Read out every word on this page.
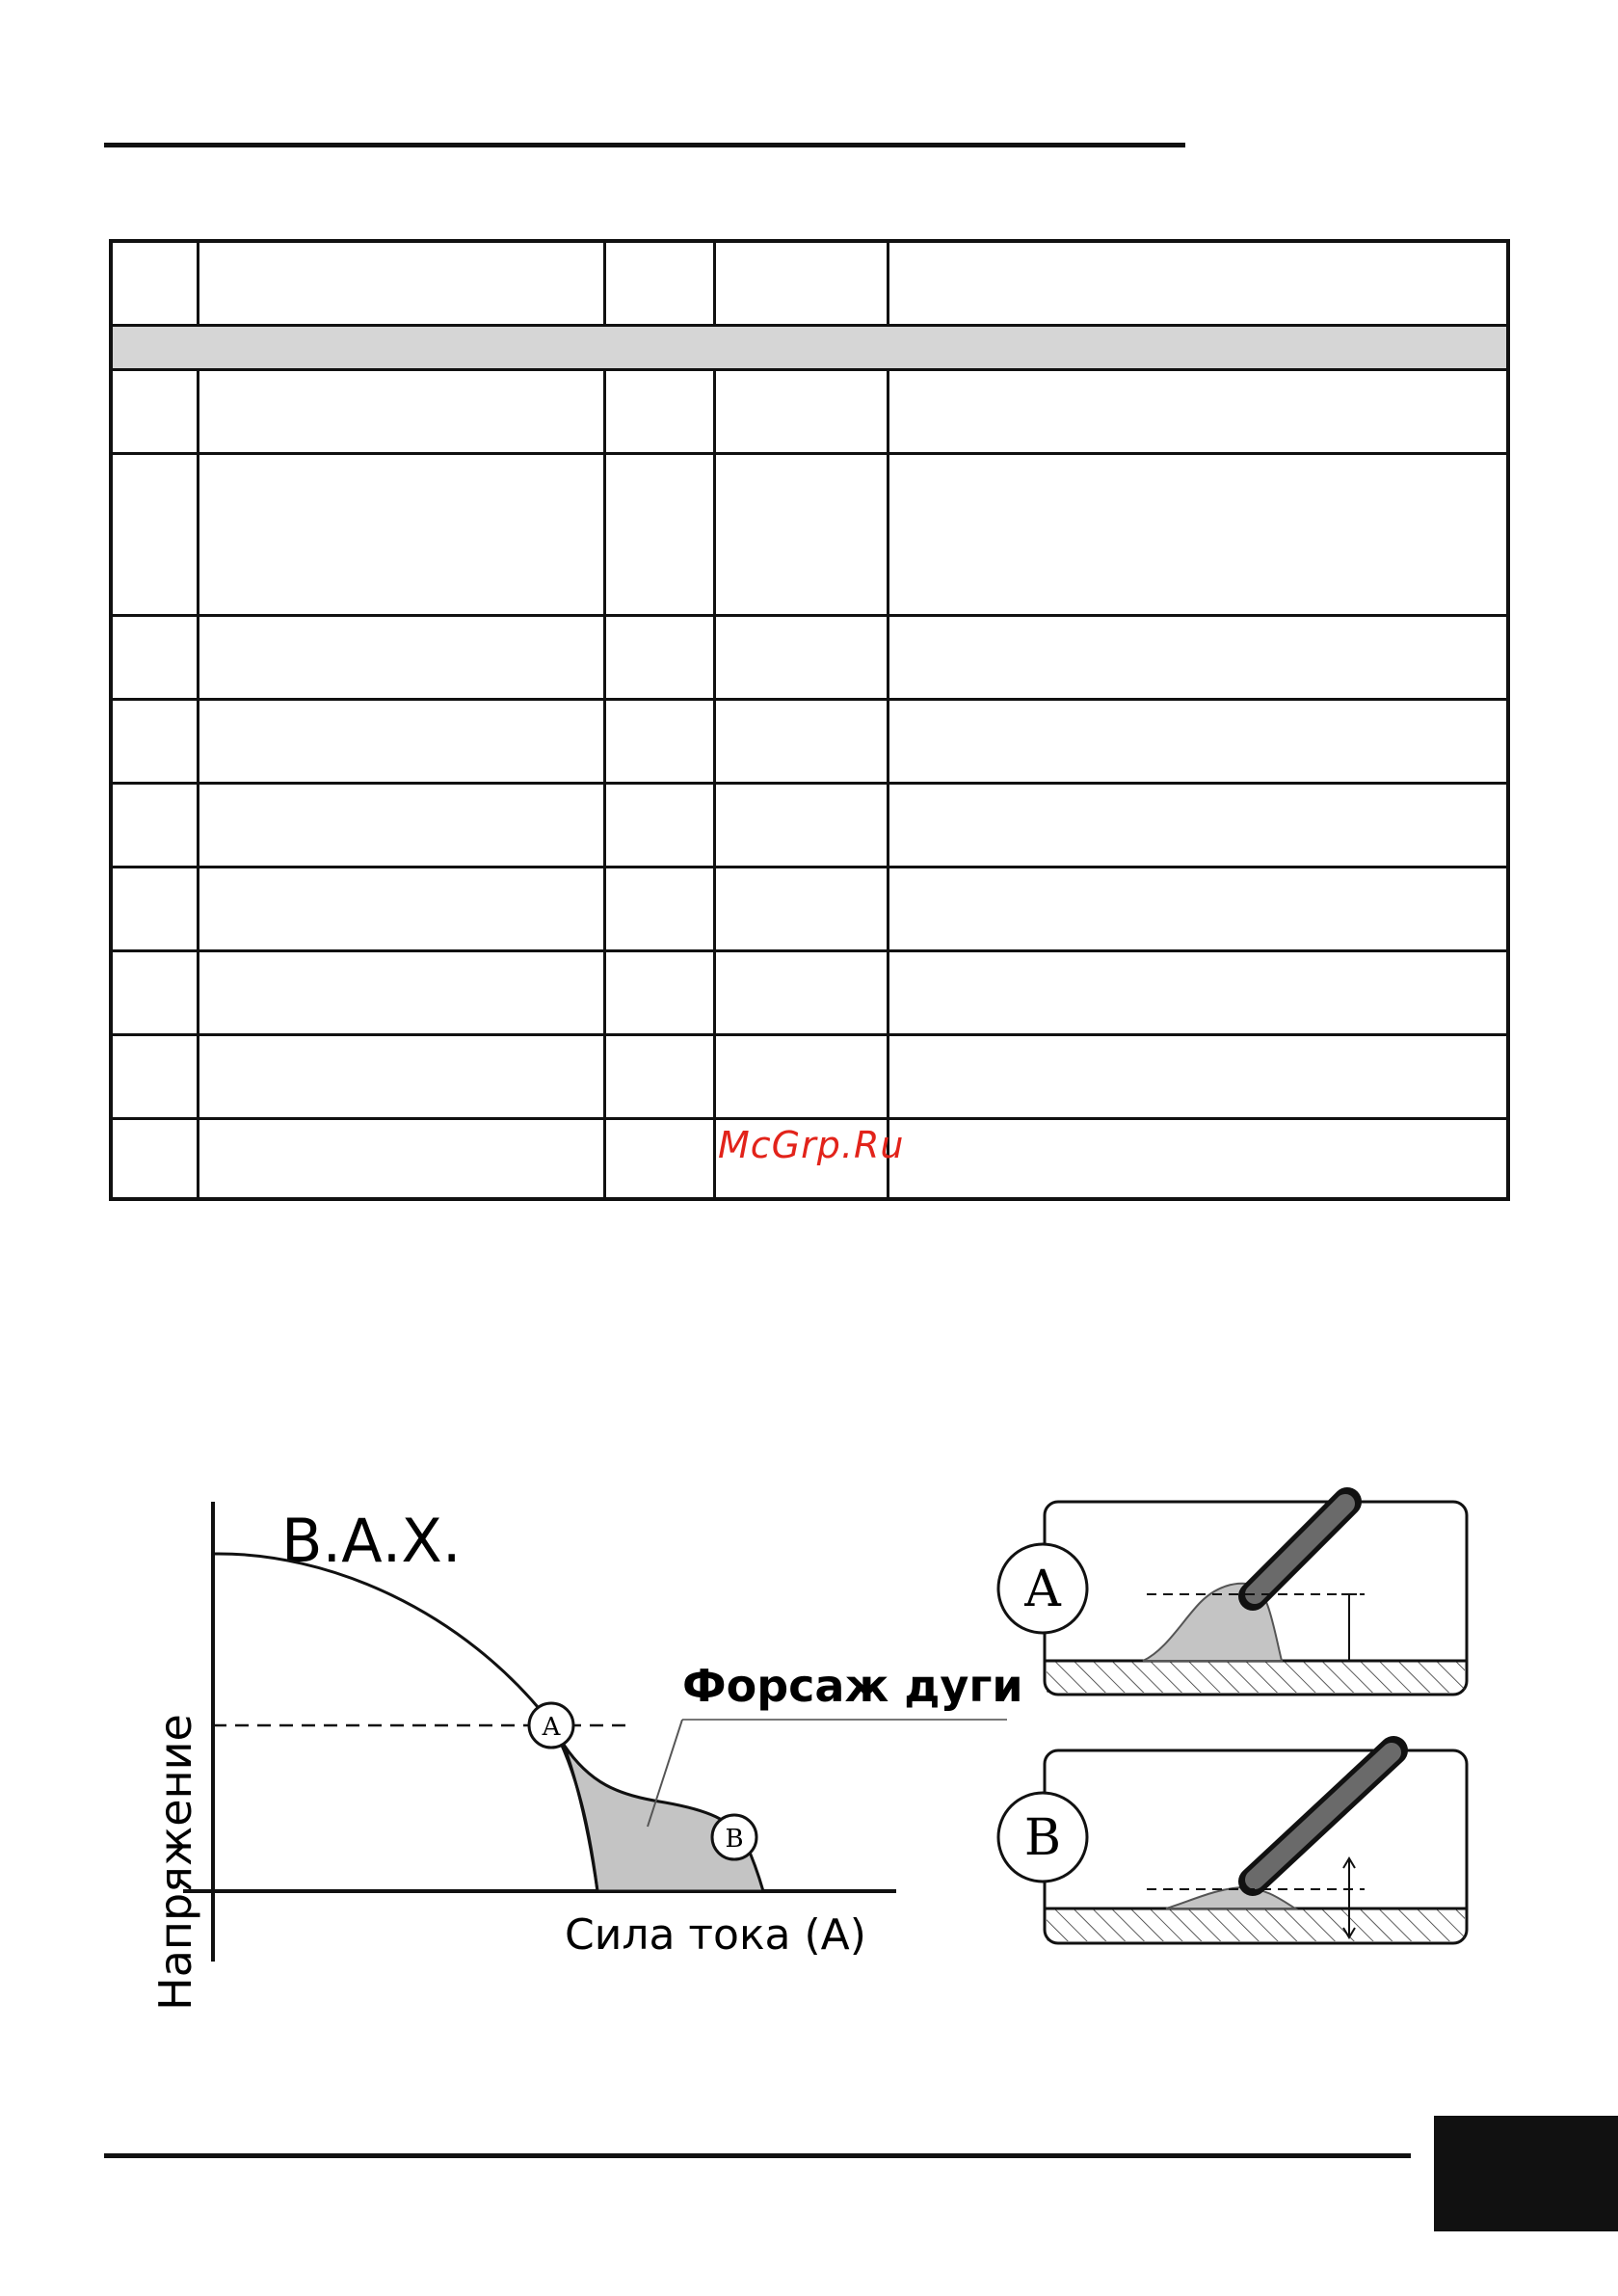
McGrp.Ru
В.А.Х.
Напряжение	A
B
Форсаж дуги
Сила тока (А)
A
B
